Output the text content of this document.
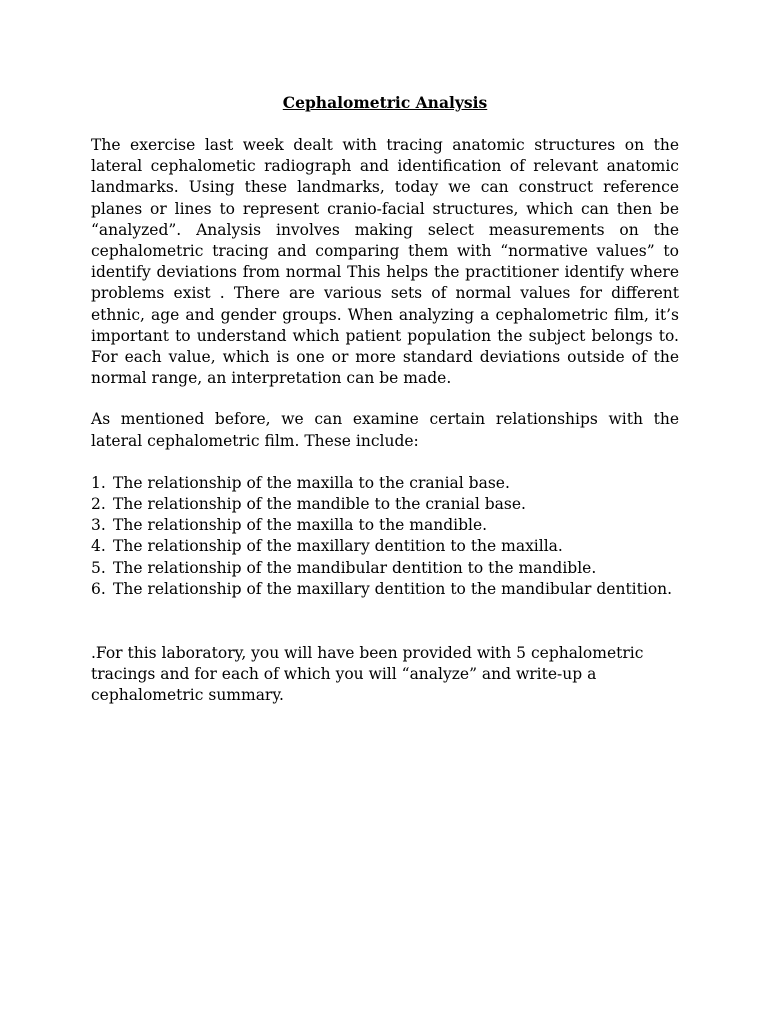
Cephalometric Analysis

The exercise last week dealt with tracing anatomic structures on the lateral cephalometic radiograph and identification of relevant anatomic landmarks. Using these landmarks, today we can construct reference planes or lines to represent cranio-facial structures, which can then be “analyzed”. Analysis involves making select measurements on the cephalometric tracing and comparing them with “normative values” to identify deviations from normal This helps the practitioner identify where problems exist . There are various sets of normal values for different ethnic, age and gender groups. When analyzing a cephalometric film, it’s important to understand which patient population the subject belongs to. For each value, which is one or more standard deviations outside of the normal range, an interpretation can be made.

As mentioned before, we can examine certain relationships with the lateral cephalometric film. These include:

1. The relationship of the maxilla to the cranial base.
2. The relationship of the mandible to the cranial base.
3. The relationship of the maxilla to the mandible.
4. The relationship of the maxillary dentition to the maxilla.
5. The relationship of the mandibular dentition to the mandible.
6. The relationship of the maxillary dentition to the mandibular dentition.

.For this laboratory, you will have been provided with 5 cephalometric tracings and for each of which you will “analyze” and write-up a cephalometric summary.
